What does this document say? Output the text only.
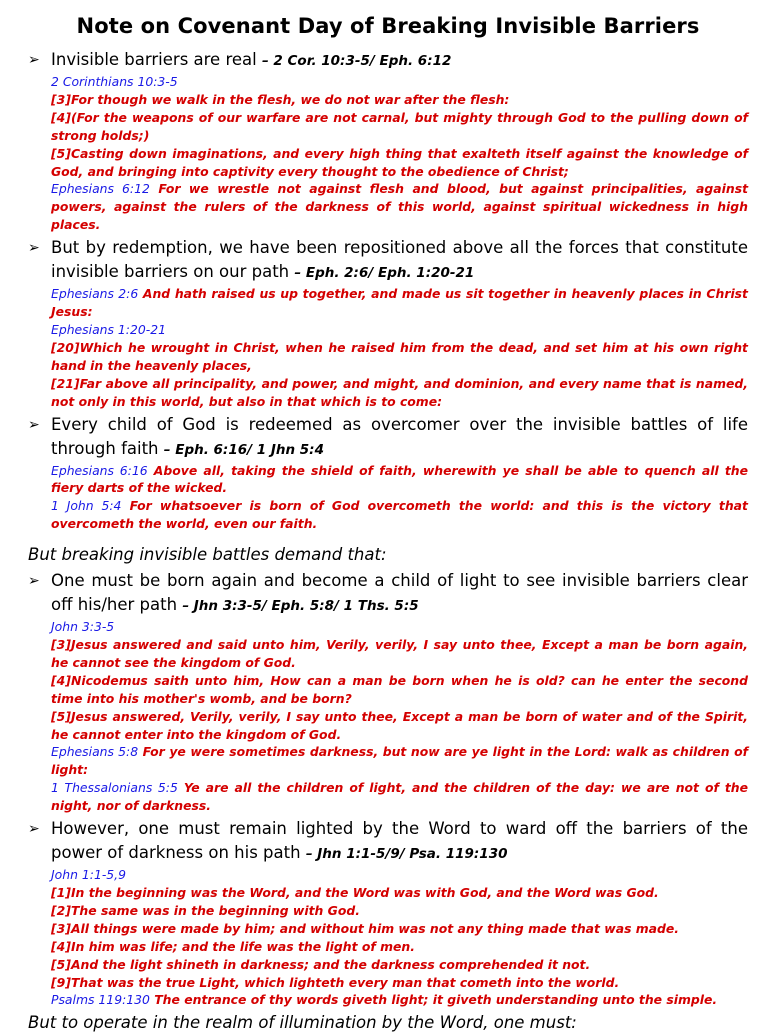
Note on Covenant Day of Breaking Invisible Barriers
➢ Invisible barriers are real – 2 Cor. 10:3-5/ Eph. 6:12

2 Corinthians 10:3-5

[3]For though we walk in the flesh, we do not war after the flesh:

[4](For the weapons of our warfare are not carnal, but mighty through God to the pulling down of strong holds;)

[5]Casting down imaginations, and every high thing that exalteth itself against the knowledge of God, and bringing into captivity every thought to the obedience of Christ;

Ephesians 6:12 For we wrestle not against flesh and blood, but against principalities, against powers, against the rulers of the darkness of this world, against spiritual wickedness in high places.

➢ But by redemption, we have been repositioned above all the forces that constitute invisible barriers on our path – Eph. 2:6/ Eph. 1:20-21

Ephesians 2:6 And hath raised us up together, and made us sit together in heavenly places in Christ Jesus:

Ephesians 1:20-21

[20]Which he wrought in Christ, when he raised him from the dead, and set him at his own right hand in the heavenly places,

[21]Far above all principality, and power, and might, and dominion, and every name that is named, not only in this world, but also in that which is to come:

➢ Every child of God is redeemed as overcomer over the invisible battles of life through faith – Eph. 6:16/ 1 Jhn 5:4

Ephesians 6:16 Above all, taking the shield of faith, wherewith ye shall be able to quench all the fiery darts of the wicked.

1 John 5:4 For whatsoever is born of God overcometh the world: and this is the victory that overcometh the world, even our faith.

But breaking invisible battles demand that:
➢ One must be born again and become a child of light to see invisible barriers clear off his/her path – Jhn 3:3-5/ Eph. 5:8/ 1 Ths. 5:5

John 3:3-5

[3]Jesus answered and said unto him, Verily, verily, I say unto thee, Except a man be born again, he cannot see the kingdom of God.

[4]Nicodemus saith unto him, How can a man be born when he is old? can he enter the second time into his mother's womb, and be born?

[5]Jesus answered, Verily, verily, I say unto thee, Except a man be born of water and of the Spirit, he cannot enter into the kingdom of God.

Ephesians 5:8 For ye were sometimes darkness, but now are ye light in the Lord: walk as children of light:

1 Thessalonians 5:5 Ye are all the children of light, and the children of the day: we are not of the night, nor of darkness.

➢ However, one must remain lighted by the Word to ward off the barriers of the power of darkness on his path – Jhn 1:1-5/9/ Psa. 119:130

John 1:1-5,9

[1]In the beginning was the Word, and the Word was with God, and the Word was God.

[2]The same was in the beginning with God.

[3]All things were made by him; and without him was not any thing made that was made.

[4]In him was life; and the life was the light of men.

[5]And the light shineth in darkness; and the darkness comprehended it not.

[9]That was the true Light, which lighteth every man that cometh into the world.

Psalms 119:130 The entrance of thy words giveth light; it giveth understanding unto the simple.

But to operate in the realm of illumination by the Word, one must:
